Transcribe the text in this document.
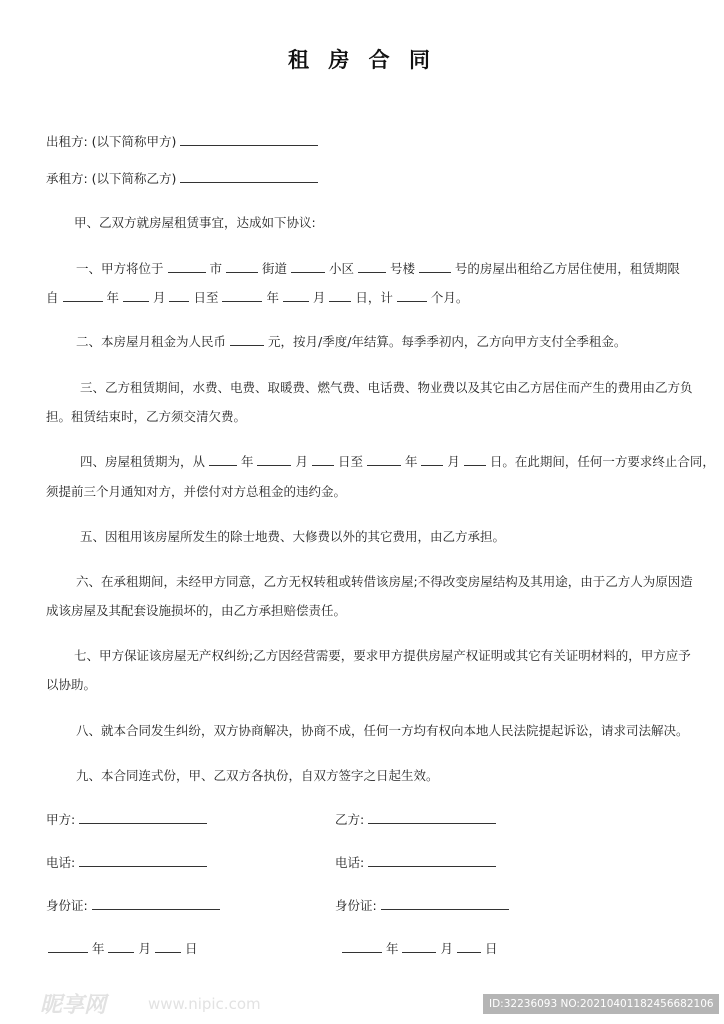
租 房 合 同
出租方: (以下简称甲方)
承租方: (以下简称乙方)
甲、乙双方就房屋租赁事宜，达成如下协议:
一、甲方将位于	市	街道	小区	号楼	号的房屋出租给乙方居住使用，租赁期限
自	年	月 日至	年	月 日，计	个月。
二、本房屋月租金为人民币	元，按月/季度/年结算。每季季初内，乙方向甲方支付全季租金。
三、乙方租赁期间，水费、电费、取暖费、燃气费、电话费、物业费以及其它由乙方居住而产生的费用由乙方负
担。租赁结束时，乙方须交清欠费。
四、房屋租赁期为，从	年	月 日至	年 月 日。在此期间，任何一方要求终止合同，
须提前三个月通知对方，并偿付对方总租金的违约金。
五、因租用该房屋所发生的除士地费、大修费以外的其它费用，由乙方承担。
六、在承租期间，未经甲方同意，乙方无权转租或转借该房屋;不得改变房屋结构及其用途，由于乙方人为原因造
成该房屋及其配套设施损坏的，由乙方承担赔偿责任。
七、甲方保证该房屋无产权纠纷;乙方因经营需要，要求甲方提供房屋产权证明或其它有关证明材料的，甲方应予
以协助。
八、就本合同发生纠纷，双方协商解决，协商不成，任何一方均有权向本地人民法院提起诉讼，请求司法解决。
九、本合同连式份，甲、乙双方各执份，自双方签字之日起生效。
甲方:	乙方:
电话:	电话:
身份证:	身份证:
年	月	日	年	月	日
昵享网	www.nipic.com	ID:32236093 NO:20210401182456682106
